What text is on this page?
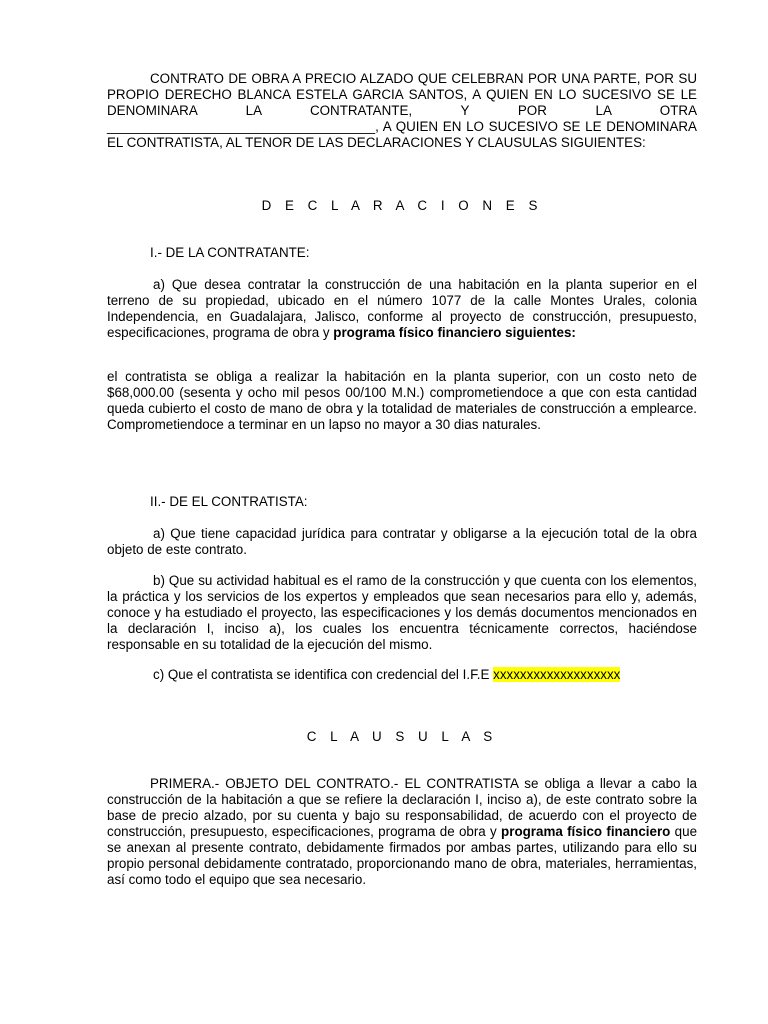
CONTRATO DE OBRA A PRECIO ALZADO QUE CELEBRAN POR UNA PARTE, POR SU PROPIO DERECHO BLANCA ESTELA GARCIA SANTOS, A QUIEN EN LO SUCESIVO SE LE DENOMINARA LA CONTRATANTE, Y POR LA OTRA ____________________________________, A QUIEN EN LO SUCESIVO SE LE DENOMINARA EL CONTRATISTA, AL TENOR DE LAS DECLARACIONES Y CLAUSULAS SIGUIENTES:

D E C L A R A C I O N E S

I.- DE LA CONTRATANTE:

a) Que desea contratar la construcción de una habitación en la planta superior en el terreno de su propiedad, ubicado en el número 1077 de la calle Montes Urales, colonia Independencia, en Guadalajara, Jalisco, conforme al proyecto de construcción, presupuesto, especificaciones, programa de obra y programa físico financiero siguientes:

el contratista se obliga a realizar la habitación en la planta superior, con un costo neto de $68,000.00 (sesenta y ocho mil pesos 00/100 M.N.) comprometiendoce a que con esta cantidad queda cubierto el costo de mano de obra y la totalidad de materiales de construcción a emplearce. Comprometiendoce a terminar en un lapso no mayor a 30 dias naturales.

II.- DE EL CONTRATISTA:

a) Que tiene capacidad jurídica para contratar y obligarse a la ejecución total de la obra objeto de este contrato.

b) Que su actividad habitual es el ramo de la construcción y que cuenta con los elementos, la práctica y los servicios de los expertos y empleados que sean necesarios para ello y, además, conoce y ha estudiado el proyecto, las especificaciones y los demás documentos mencionados en la declaración I, inciso a), los cuales los encuentra técnicamente correctos, haciéndose responsable en su totalidad de la ejecución del mismo.

c) Que el contratista se identifica con credencial del I.F.E xxxxxxxxxxxxxxxxxxx

C L A U S U L A S

PRIMERA.- OBJETO DEL CONTRATO.- EL CONTRATISTA se obliga a llevar a cabo la construcción de la habitación a que se refiere la declaración I, inciso a), de este contrato sobre la base de precio alzado, por su cuenta y bajo su responsabilidad, de acuerdo con el proyecto de construcción, presupuesto, especificaciones, programa de obra y programa físico financiero que se anexan al presente contrato, debidamente firmados por ambas partes, utilizando para ello su propio personal debidamente contratado, proporcionando mano de obra, materiales, herramientas, así como todo el equipo que sea necesario.
